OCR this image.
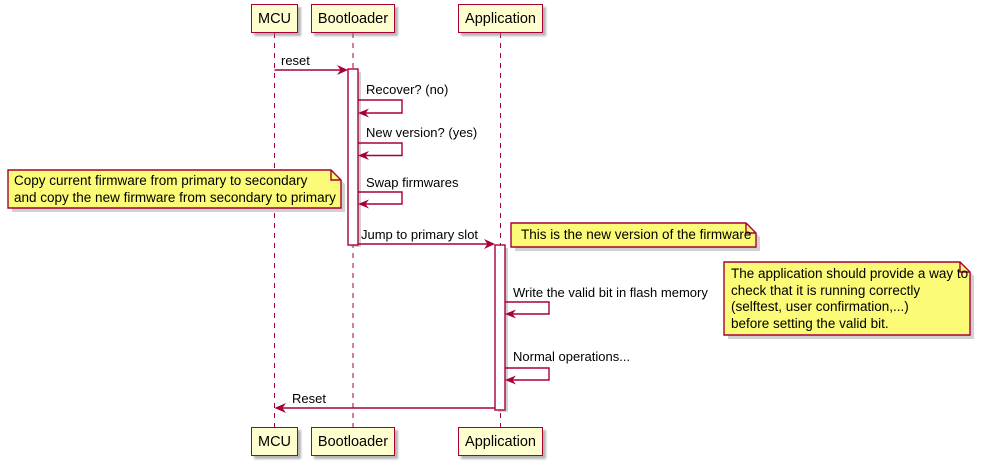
MCU	Bootloader	Application
MCU	Bootloader	Application
reset
Recover? (no)
New version? (yes)
Swap firmwares
Jump to primary slot
Write the valid bit in flash memory
Normal operations...
Reset
Copy current firmware from primary to secondary
and copy the new firmware from secondary to primary
This is the new version of the firmware
The application should provide a way to
check that it is running correctly
(selftest, user confirmation,...)
before setting the valid bit.
